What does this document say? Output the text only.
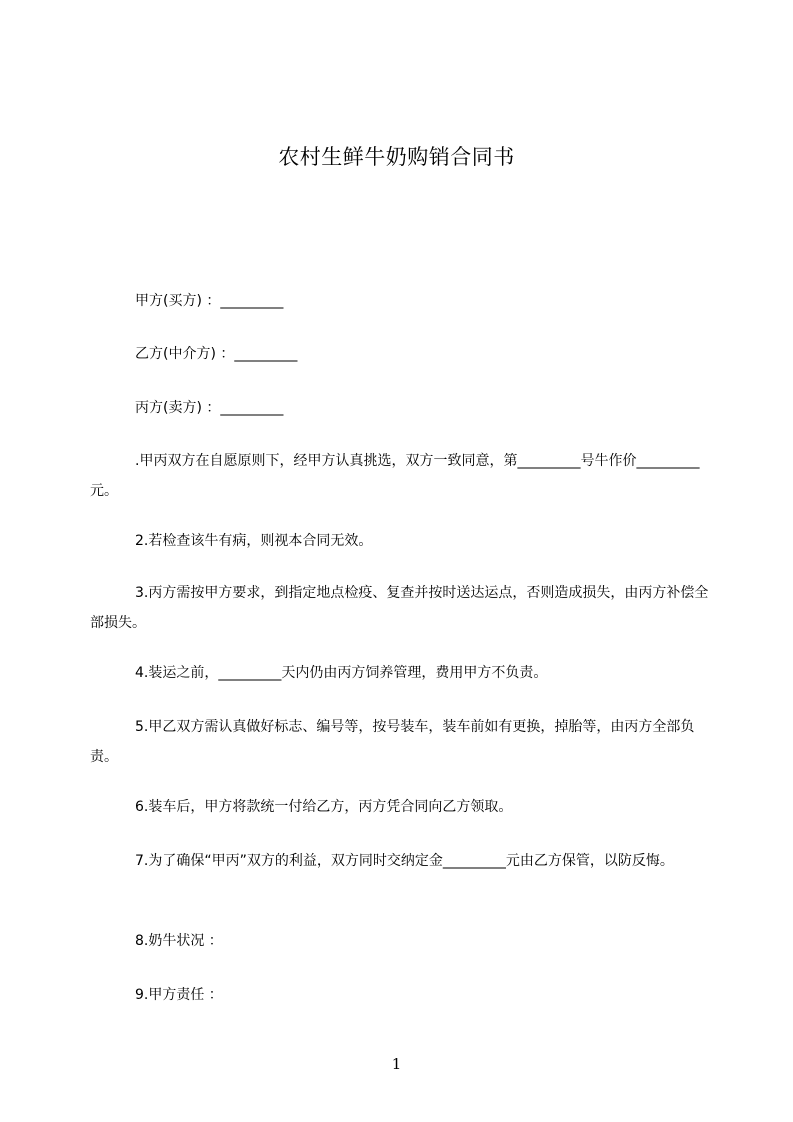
农村生鲜牛奶购销合同书
甲方(买方) ：_________
乙方(中介方) ：_________
丙方(卖方) ：_________
.甲丙双方在自愿原则下，经甲方认真挑选，双方一致同意，第_________号牛作价_________元。
2.若检查该牛有病，则视本合同无效。
3.丙方需按甲方要求，到指定地点检疫、复查并按时送达运点，否则造成损失，由丙方补偿全部损失。
4.装运之前，_________天内仍由丙方饲养管理，费用甲方不负责。
5.甲乙双方需认真做好标志、编号等，按号装车，装车前如有更换，掉胎等，由丙方全部负责。
6.装车后，甲方将款统一付给乙方，丙方凭合同向乙方领取。
7.为了确保“甲丙”双方的利益，双方同时交纳定金_________元由乙方保管，以防反悔。
8.奶牛状况 ：
9.甲方责任 ：
1
